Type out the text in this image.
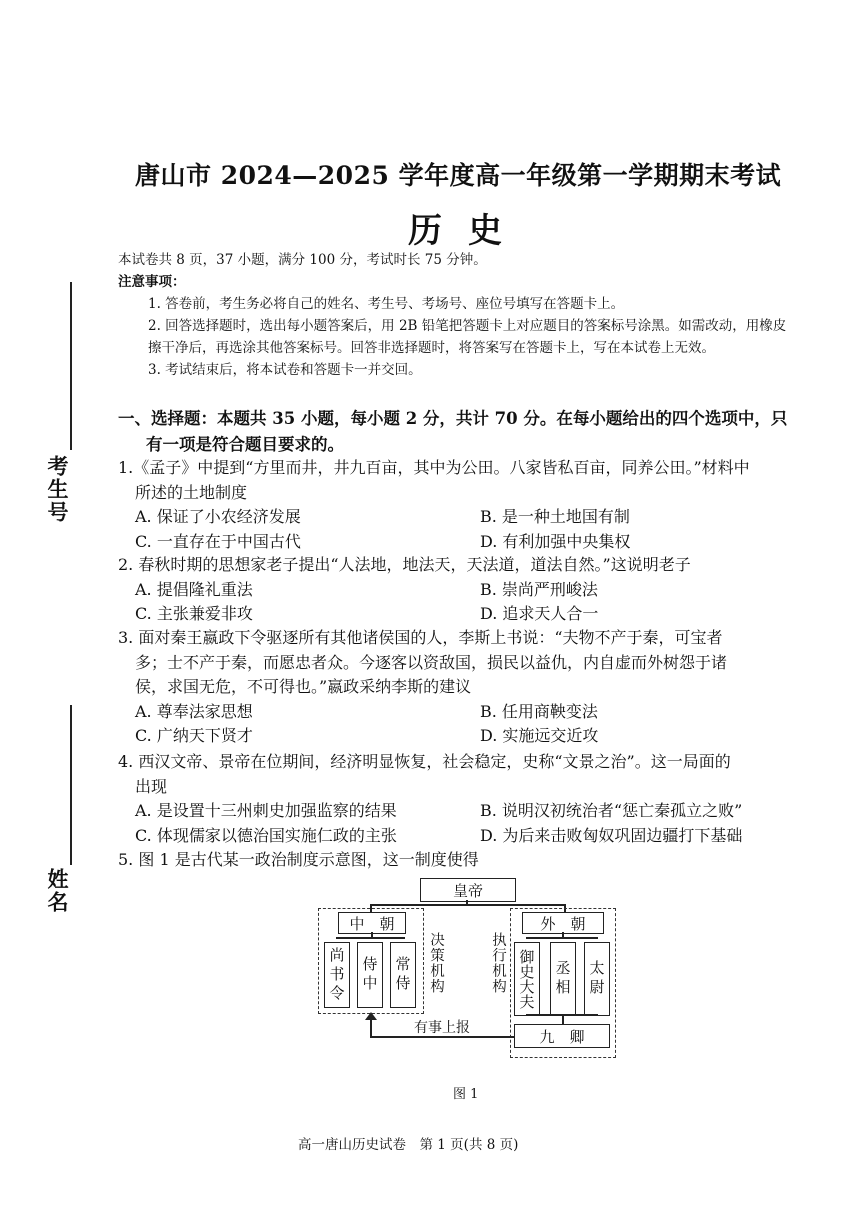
考生号
姓名
唐山市 2024—2025 学年度高一年级第一学期期末考试
历史
本试卷共 8 页，37 小题，满分 100 分，考试时长 75 分钟。
注意事项：
1. 答卷前，考生务必将自己的姓名、考生号、考场号、座位号填写在答题卡上。
2. 回答选择题时，选出每小题答案后，用 2B 铅笔把答题卡上对应题目的答案标号涂黑。如需改动，用橡皮擦干净后，再选涂其他答案标号。回答非选择题时，将答案写在答题卡上，写在本试卷上无效。
3. 考试结束后，将本试卷和答题卡一并交回。
一、选择题：本题共 35 小题，每小题 2 分，共计 70 分。在每小题给出的四个选项中，只
有一项是符合题目要求的。
1.《孟子》中提到“方里而井，井九百亩，其中为公田。八家皆私百亩，同养公田。”材料中
所述的土地制度
A. 保证了小农经济发展	B. 是一种土地国有制
C. 一直存在于中国古代	D. 有利加强中央集权
2. 春秋时期的思想家老子提出“人法地，地法天，天法道，道法自然。”这说明老子
A. 提倡隆礼重法	B. 崇尚严刑峻法
C. 主张兼爱非攻	D. 追求天人合一
3. 面对秦王嬴政下令驱逐所有其他诸侯国的人，李斯上书说：“夫物不产于秦，可宝者
多；士不产于秦，而愿忠者众。今逐客以资敌国，损民以益仇，内自虚而外树怨于诸
侯，求国无危，不可得也。”嬴政采纳李斯的建议
A. 尊奉法家思想	B. 任用商鞅变法
C. 广纳天下贤才	D. 实施远交近攻
4. 西汉文帝、景帝在位期间，经济明显恢复，社会稳定，史称“文景之治”。这一局面的
出现
A. 是设置十三州刺史加强监察的结果	B. 说明汉初统治者“惩亡秦孤立之败”
C. 体现儒家以德治国实施仁政的主张	D. 为后来击败匈奴巩固边疆打下基础
5. 图 1 是古代某一政治制度示意图，这一制度使得
皇帝
中　朝
尚书令 侍中 常侍 决策机构	执行机构
外　朝
御史大夫 丞相 太尉
九　卿
有事上报
图 1
高一唐山历史试卷　第 1 页(共 8 页)
